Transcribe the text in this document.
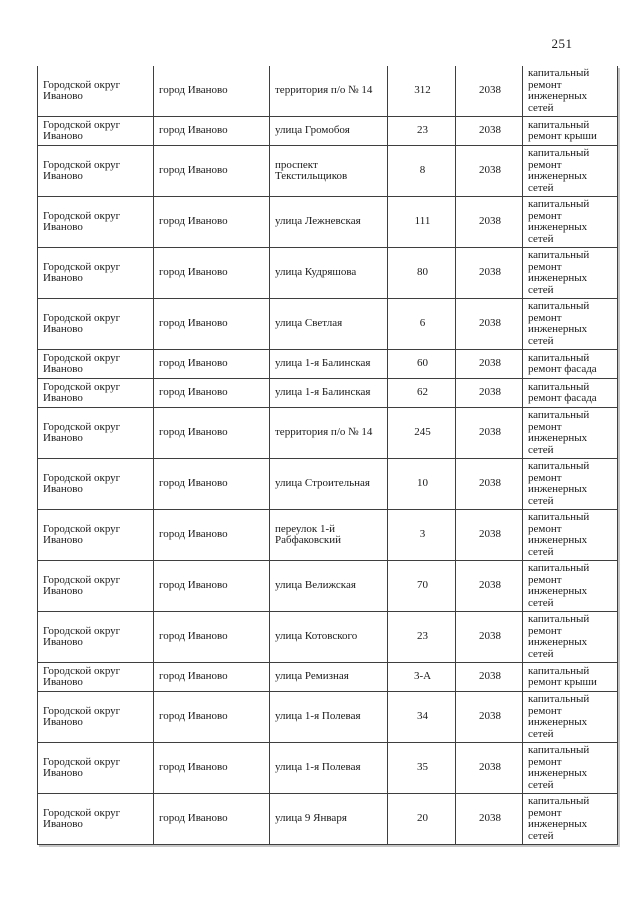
251
Городской округ Иваново	город Иваново	территория п/о № 14	312	2038	капитальный ремонт инженерных сетей
Городской округ Иваново	город Иваново	улица Громобоя	23	2038	капитальный ремонт крыши
Городской округ Иваново	город Иваново	проспект Текстильщиков	8	2038	капитальный ремонт инженерных сетей
Городской округ Иваново	город Иваново	улица Лежневская	111	2038	капитальный ремонт инженерных сетей
Городской округ Иваново	город Иваново	улица Кудряшова	80	2038	капитальный ремонт инженерных сетей
Городской округ Иваново	город Иваново	улица Светлая	6	2038	капитальный ремонт инженерных сетей
Городской округ Иваново	город Иваново	улица 1-я Балинская	60	2038	капитальный ремонт фасада
Городской округ Иваново	город Иваново	улица 1-я Балинская	62	2038	капитальный ремонт фасада
Городской округ Иваново	город Иваново	территория п/о № 14	245	2038	капитальный ремонт инженерных сетей
Городской округ Иваново	город Иваново	улица Строительная	10	2038	капитальный ремонт инженерных сетей
Городской округ Иваново	город Иваново	переулок 1-й Рабфаковский	3	2038	капитальный ремонт инженерных сетей
Городской округ Иваново	город Иваново	улица Велижская	70	2038	капитальный ремонт инженерных сетей
Городской округ Иваново	город Иваново	улица Котовского	23	2038	капитальный ремонт инженерных сетей
Городской округ Иваново	город Иваново	улица Ремизная	3-А	2038	капитальный ремонт крыши
Городской округ Иваново	город Иваново	улица 1-я Полевая	34	2038	капитальный ремонт инженерных сетей
Городской округ Иваново	город Иваново	улица 1-я Полевая	35	2038	капитальный ремонт инженерных сетей
Городской округ Иваново	город Иваново	улица 9 Января	20	2038	капитальный ремонт инженерных сетей
